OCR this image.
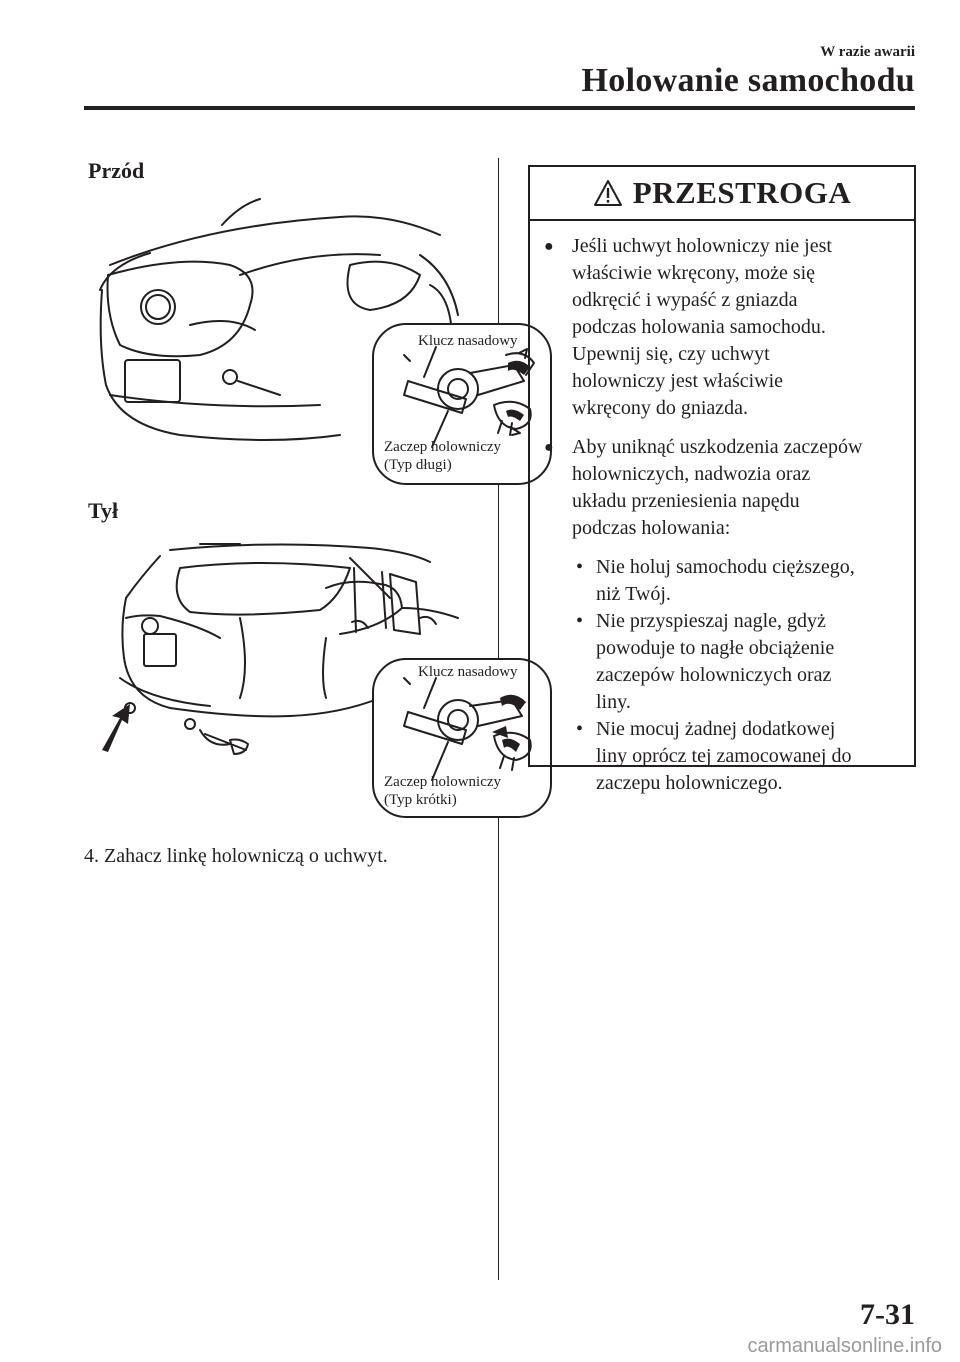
W razie awarii
Holowanie samochodu
Przód
Klucz nasadowy
Zaczep holowniczy
(Typ długi)
Tył
Klucz nasadowy
Zaczep holowniczy
(Typ krótki)
4. Zahacz linkę holowniczą o uchwyt.
PRZESTROGA
● Jeśli uchwyt holowniczy nie jest
właściwie wkręcony, może się
odkręcić i wypaść z gniazda
podczas holowania samochodu.
Upewnij się, czy uchwyt
holowniczy jest właściwie
wkręcony do gniazda.
● Aby uniknąć uszkodzenia zaczepów
holowniczych, nadwozia oraz
układu przeniesienia napędu
podczas holowania:
• Nie holuj samochodu cięższego,
niż Twój.
• Nie przyspieszaj nagle, gdyż
powoduje to nagłe obciążenie
zaczepów holowniczych oraz
liny.
• Nie mocuj żadnej dodatkowej
liny oprócz tej zamocowanej do
zaczepu holowniczego.
7-31
carmanualsonline.info
